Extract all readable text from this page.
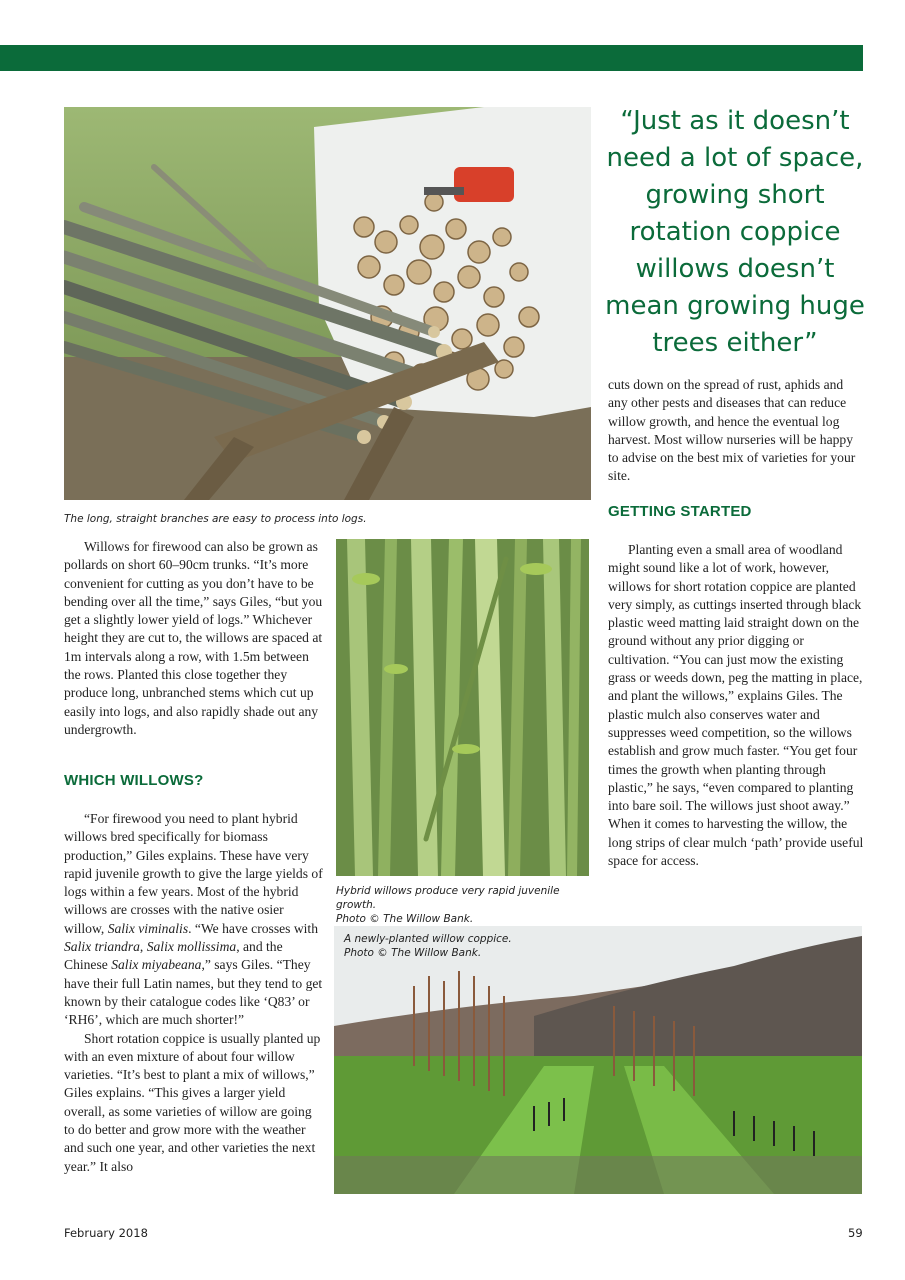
“Just as it doesn’t need a lot of space, growing short rotation coppice willows doesn’t mean growing huge trees either”
The long, straight branches are easy to process into logs.

Willows for firewood can also be grown as pollards on short 60–90cm trunks. “It’s more convenient for cutting as you don’t have to be bending over all the time,” says Giles, “but you get a slightly lower yield of logs.” Whichever height they are cut to, the willows are spaced at 1m intervals along a row, with 1.5m between the rows. Planted this close together they produce long, unbranched stems which cut up easily into logs, and also rapidly shade out any undergrowth.

WHICH WILLOWS?

“For firewood you need to plant hybrid willows bred specifically for biomass production,” Giles explains. These have very rapid juvenile growth to give the large yields of logs within a few years. Most of the hybrid willows are crosses with the native osier willow, Salix viminalis. “We have crosses with Salix triandra, Salix mollissima, and the Chinese Salix miyabeana,” says Giles. “They have their full Latin names, but they tend to get known by their catalogue codes like ‘Q83’ or ‘RH6’, which are much shorter!”

Short rotation coppice is usually planted up with an even mixture of about four willow varieties. “It’s best to plant a mix of willows,” Giles explains. “This gives a larger yield overall, as some varieties of willow are going to do better and grow more with the weather and such one year, and other varieties the next year.” It also

Hybrid willows produce very rapid juvenile growth.
Photo © The Willow Bank.

cuts down on the spread of rust, aphids and any other pests and diseases that can reduce willow growth, and hence the eventual log harvest. Most willow nurseries will be happy to advise on the best mix of varieties for your site.

GETTING STARTED

Planting even a small area of woodland might sound like a lot of work, however, willows for short rotation coppice are planted very simply, as cuttings inserted through black plastic weed matting laid straight down on the ground without any prior digging or cultivation. “You can just mow the existing grass or weeds down, peg the matting in place, and plant the willows,” explains Giles. The plastic mulch also conserves water and suppresses weed competition, so the willows establish and grow much faster. “You get four times the growth when planting through plastic,” he says, “even compared to planting into bare soil. The willows just shoot away.” When it comes to harvesting the willow, the long strips of clear mulch ‘path’ provide useful space for access.

A newly-planted willow coppice.
Photo © The Willow Bank.
February 2018	59
